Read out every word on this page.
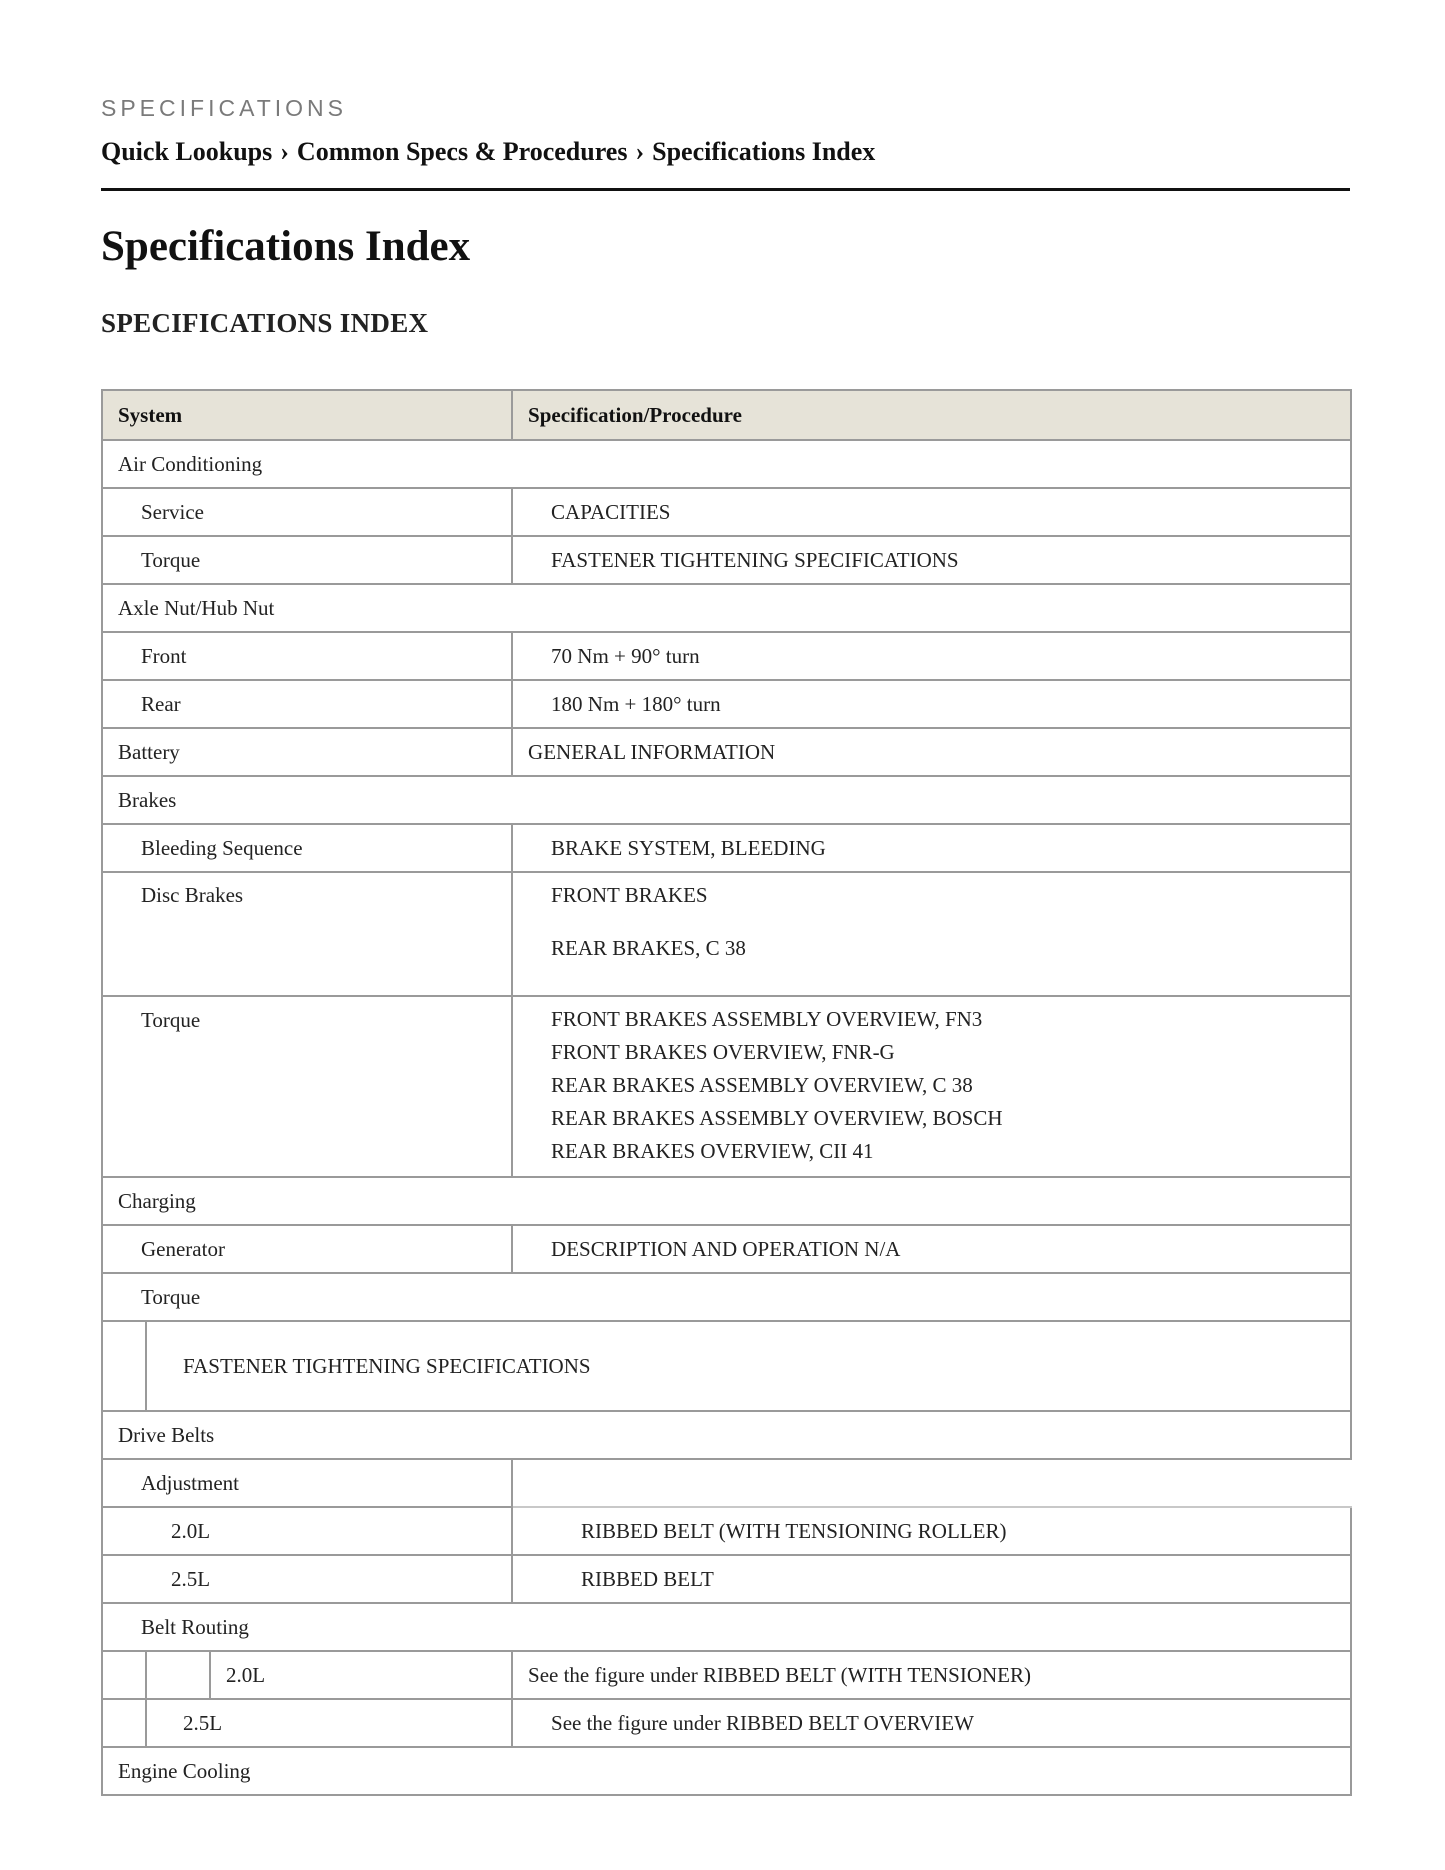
SPECIFICATIONS
Quick Lookups › Common Specs & Procedures › Specifications Index
Specifications Index
SPECIFICATIONS INDEX
System			Specification/Procedure
Air Conditioning			
Service			CAPACITIES
Torque			FASTENER TIGHTENING SPECIFICATIONS
Axle Nut/Hub Nut			
Front			70 Nm + 90° turn
Rear			180 Nm + 180° turn
Battery			GENERAL INFORMATION
Brakes			
Bleeding Sequence			BRAKE SYSTEM, BLEEDING
Disc Brakes			FRONT BRAKES
REAR BRAKES, C 38

Torque			FRONT BRAKES ASSEMBLY OVERVIEW, FN3
FRONT BRAKES OVERVIEW, FNR-G
REAR BRAKES ASSEMBLY OVERVIEW, C 38
REAR BRAKES ASSEMBLY OVERVIEW, BOSCH
REAR BRAKES OVERVIEW, CII 41

Charging			
Generator			DESCRIPTION AND OPERATION N/A
Torque			
	FASTENER TIGHTENING SPECIFICATIONS		
Drive Belts			
Adjustment			
2.0L			RIBBED BELT (WITH TENSIONING ROLLER)
2.5L			RIBBED BELT
Belt Routing			
		2.0L	See the figure under RIBBED BELT (WITH TENSIONER)
	2.5L		See the figure under RIBBED BELT OVERVIEW
Engine Cooling			
